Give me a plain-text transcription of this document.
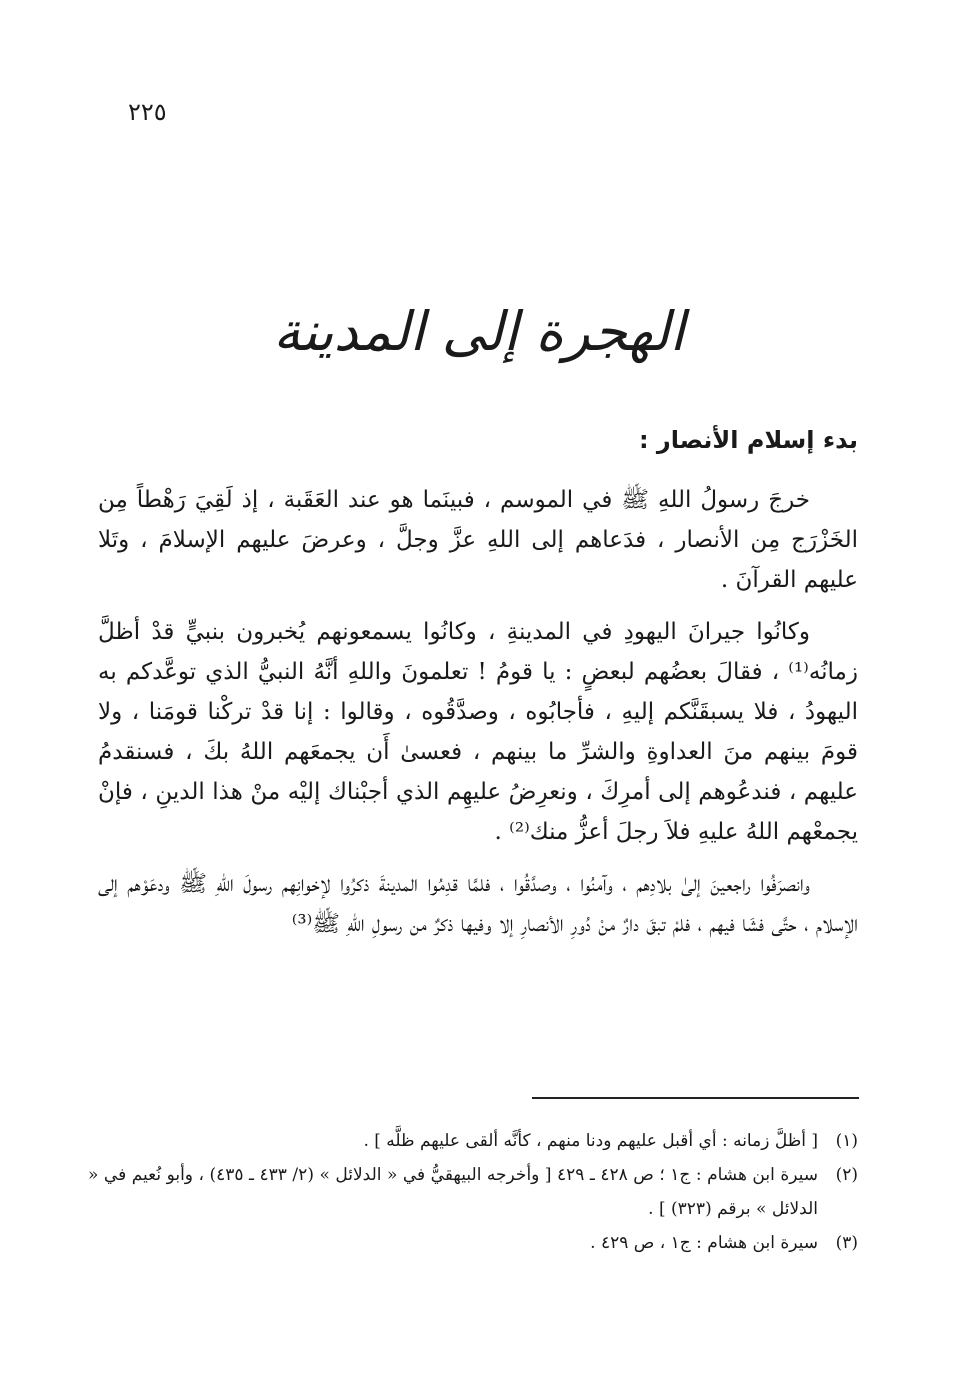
٢٢٥
الهجرة إلى المدينة
بدء إسلام الأنصار :

خرجَ رسولُ اللهِ ﷺ في الموسم ، فبينَما هو عند العَقَبة ، إذ لَقِيَ رَهْطاً مِن الخَزْرَج مِن الأنصار ، فدَعاهم إلى اللهِ عزَّ وجلَّ ، وعرضَ عليهم الإسلامَ ، وتَلا عليهم القرآنَ .

وكانُوا جيرانَ اليهودِ في المدينةِ ، وكانُوا يسمعونهم يُخبرون بنبيٍّ قدْ أظلَّ زمانُه⁽¹⁾ ، فقالَ بعضُهم لبعضٍ : يا قومُ ! تعلمونَ واللهِ أنَّهُ النبيُّ الذي توعَّدكم به اليهودُ ، فلا يسبقَنَّكم إليهِ ، فأجابُوه ، وصدَّقُوه ، وقالوا : إنا قدْ تركْنا قومَنا ، ولا قومَ بينهم منَ العداوةِ والشرِّ ما بينهم ، فعسىٰ أَن يجمعَهم اللهُ بكَ ، فسنقدمُ عليهم ، فندعُوهم إلى أمرِكَ ، ونعرِضُ عليهِم الذي أجبْناك إليْه منْ هذا الدينِ ، فإنْ يجمعْهم اللهُ عليهِ فلاَ رجلَ أعزُّ منك⁽²⁾ .

وانصرَفُوا راجعينَ إلىٰ بلادِهم ، وآمنُوا ، وصدَّقُوا ، فلمَّا قدِمُوا المدينةَ ذكرُوا لإخوانِهم رسولَ اللهِ ﷺ ودعَوْهم إلى الإسلام ، حتَّى فشَا فيهم ، فلمْ تبقَ دارٌ منْ دُورِ الأنصارِ إلا وفيها ذكرٌ من رسولِ اللهِ ﷺ⁽³⁾

(١)
[ أظلَّ زمانه : أي أقبل عليهم ودنا منهم ، كأنَّه ألقى عليهم ظلَّه ] .
(٢)
سيرة ابن هشام : ج١ ؛ ص ٤٢٨ ـ ٤٢٩ [ وأخرجه البيهقيُّ في « الدلائل » (٢/ ٤٣٣ ـ ٤٣٥) ، وأبو نُعيم في « الدلائل » برقم (٣٢٣) ] .
(٣)
سيرة ابن هشام : ج١ ، ص ٤٢٩ .
